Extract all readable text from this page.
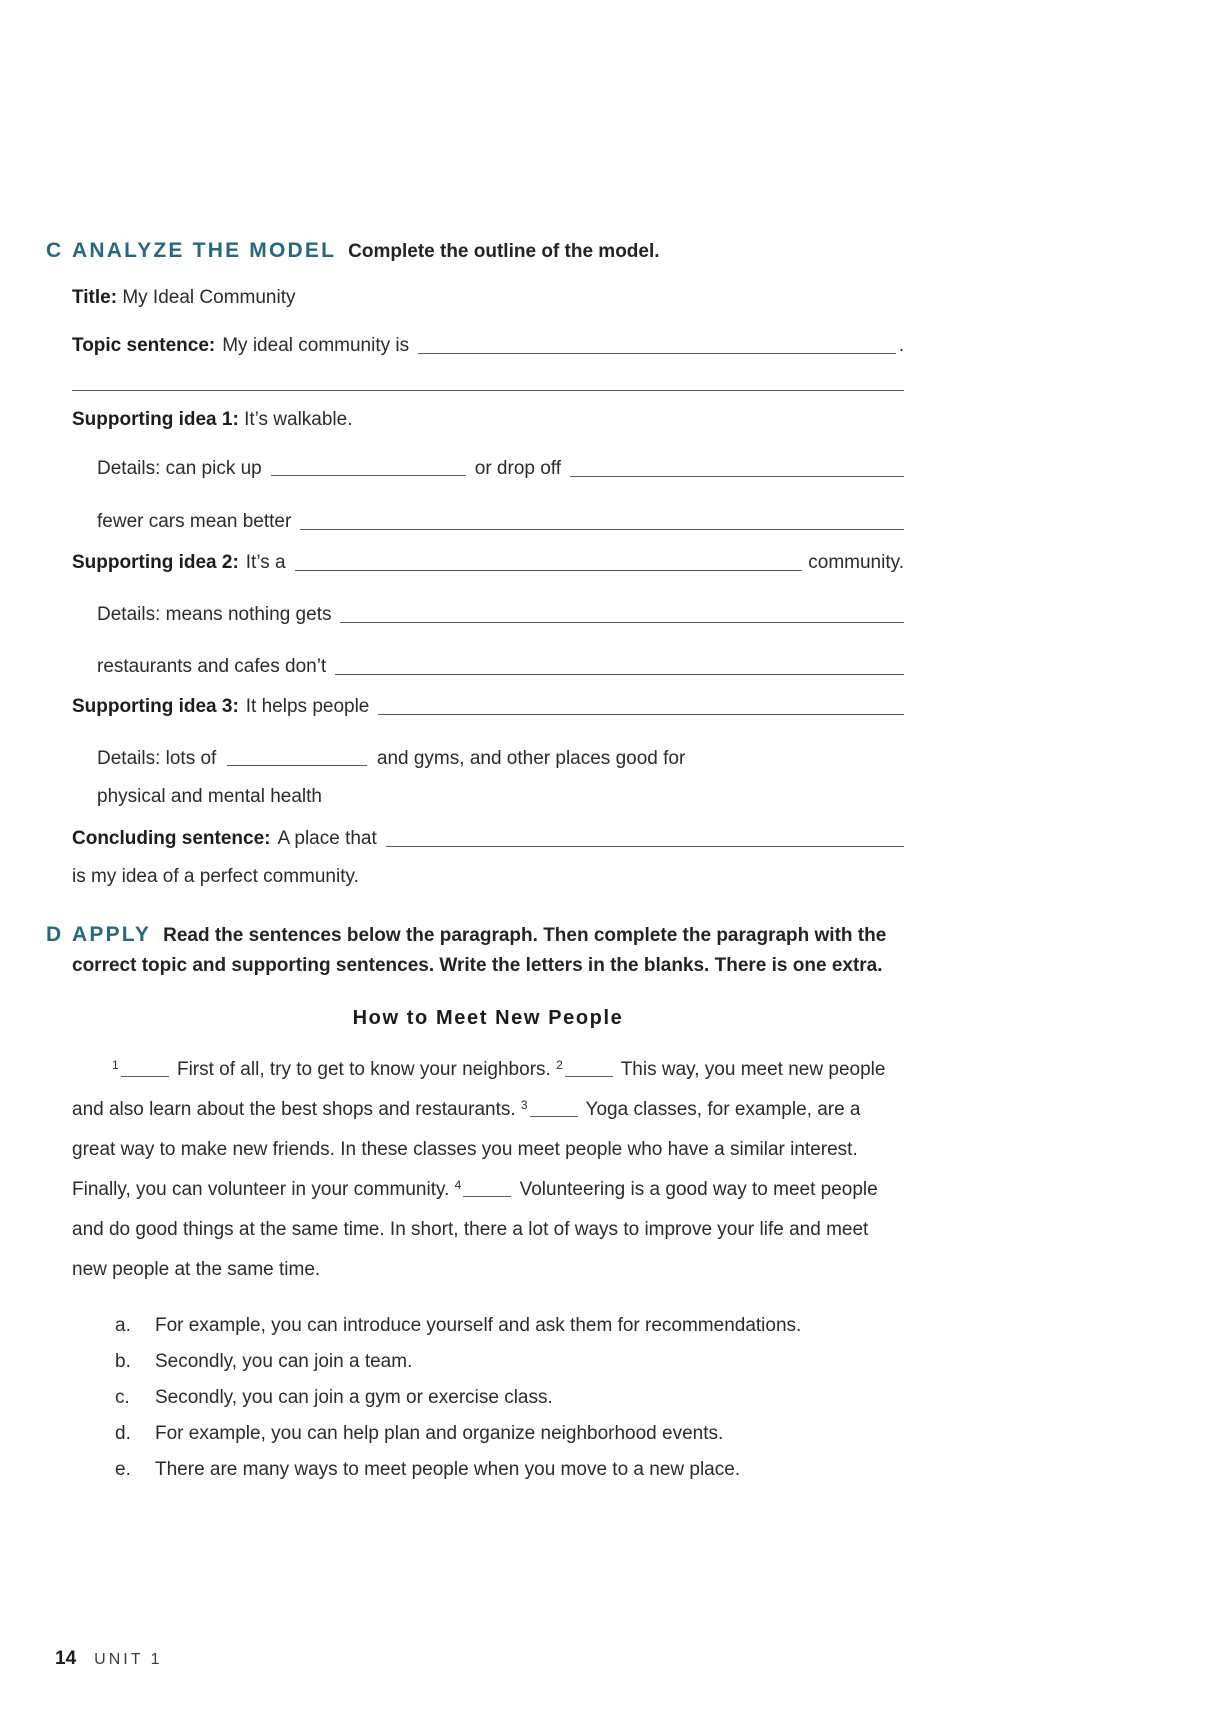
C ANALYZE THE MODEL Complete the outline of the model.
Title: My Ideal Community
Topic sentence: My ideal community is	.
Supporting idea 1: It’s walkable.
Details: can pick up	or drop off
fewer cars mean better
Supporting idea 2: It’s a	community.
Details: means nothing gets
restaurants and cafes don’t
Supporting idea 3: It helps people
Details: lots of	and gyms, and other places good for
physical and mental health
Concluding sentence: A place that
is my idea of a perfect community.
D APPLY Read the sentences below the paragraph. Then complete the paragraph with the correct topic and supporting sentences. Write the letters in the blanks. There is one extra.
How to Meet New People
$^1$	First of all, try to get to know your neighbors. $^2$	This way, you meet new people and also learn about the best shops and restaurants. $^3$	Yoga classes, for example, are a great way to make new friends. In these classes you meet people who have a similar interest. Finally, you can volunteer in your community. $^4$	Volunteering is a good way to meet people and do good things at the same time. In short, there a lot of ways to improve your life and meet new people at the same time.
a.	For example, you can introduce yourself and ask them for recommendations.
b.	Secondly, you can join a team.
c.	Secondly, you can join a gym or exercise class.
d.	For example, you can help plan and organize neighborhood events.
e.	There are many ways to meet people when you move to a new place.
14 UNIT 1
